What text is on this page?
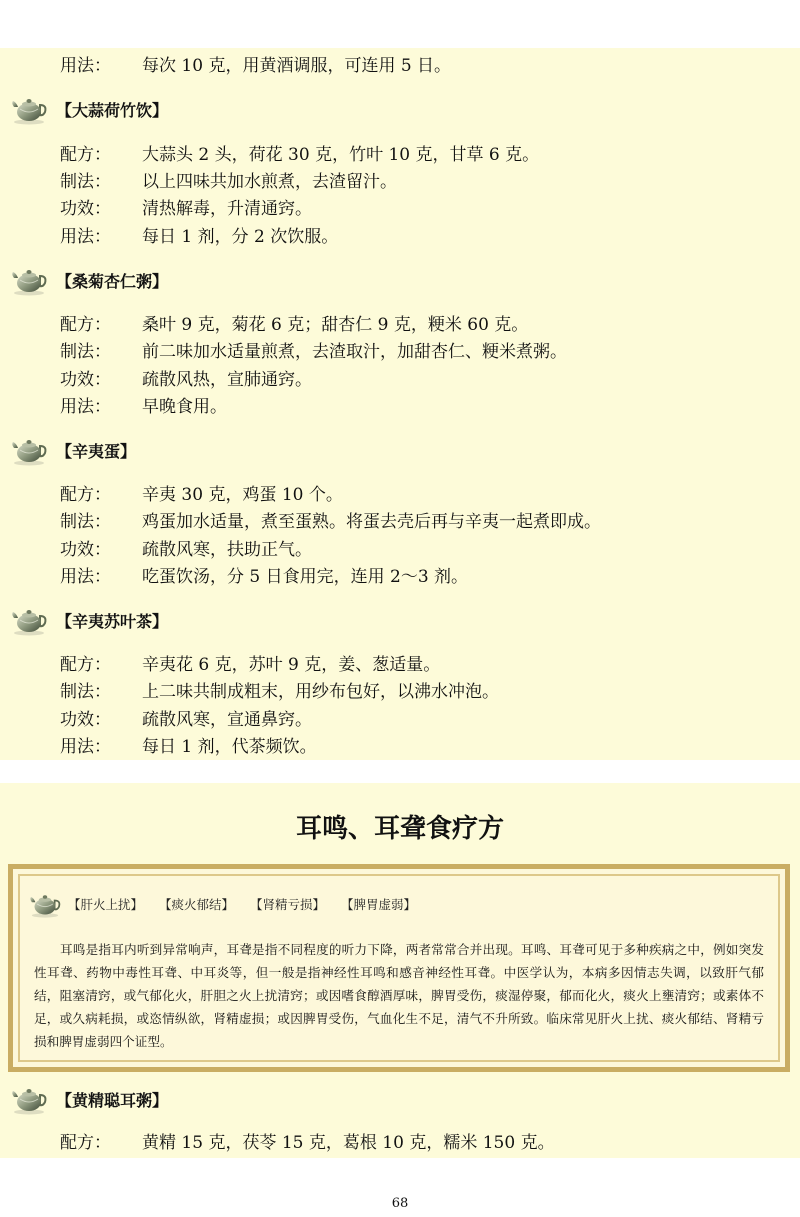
用法： 每次 10 克，用黄酒调服，可连用 5 日。
【大蒜荷竹饮】
配方： 大蒜头 2 头，荷花 30 克，竹叶 10 克，甘草 6 克。
制法： 以上四味共加水煎煮，去渣留汁。
功效： 清热解毒，升清通窍。
用法： 每日 1 剂，分 2 次饮服。
【桑菊杏仁粥】
配方： 桑叶 9 克，菊花 6 克；甜杏仁 9 克，粳米 60 克。
制法： 前二味加水适量煎煮，去渣取汁，加甜杏仁、粳米煮粥。
功效： 疏散风热，宣肺通窍。
用法： 早晚食用。
【辛夷蛋】
配方： 辛夷 30 克，鸡蛋 10 个。
制法： 鸡蛋加水适量，煮至蛋熟。将蛋去壳后再与辛夷一起煮即成。
功效： 疏散风寒，扶助正气。
用法： 吃蛋饮汤，分 5 日食用完，连用 2～3 剂。
【辛夷苏叶茶】
配方： 辛夷花 6 克，苏叶 9 克，姜、葱适量。
制法： 上二味共制成粗末，用纱布包好，以沸水冲泡。
功效： 疏散风寒，宣通鼻窍。
用法： 每日 1 剂，代茶频饮。
耳鸣、耳聋食疗方
【肝火上扰】 【痰火郁结】 【肾精亏损】 【脾胃虚弱】
耳鸣是指耳内听到异常响声，耳聋是指不同程度的听力下降，两者常常合并出现。耳鸣、耳聋可见于多种疾病之中，例如突发性耳聋、药物中毒性耳聋、中耳炎等，但一般是指神经性耳鸣和感音神经性耳聋。中医学认为，本病多因情志失调，以致肝气郁结，阻塞清窍，或气郁化火，肝胆之火上扰清窍；或因嗜食醇酒厚味，脾胃受伤，痰湿停聚，郁而化火，痰火上壅清窍；或素体不足，或久病耗损，或恣情纵欲，肾精虚损；或因脾胃受伤，气血化生不足，清气不升所致。临床常见肝火上扰、痰火郁结、肾精亏损和脾胃虚弱四个证型。
【黄精聪耳粥】
配方： 黄精 15 克，茯苓 15 克，葛根 10 克，糯米 150 克。
68
